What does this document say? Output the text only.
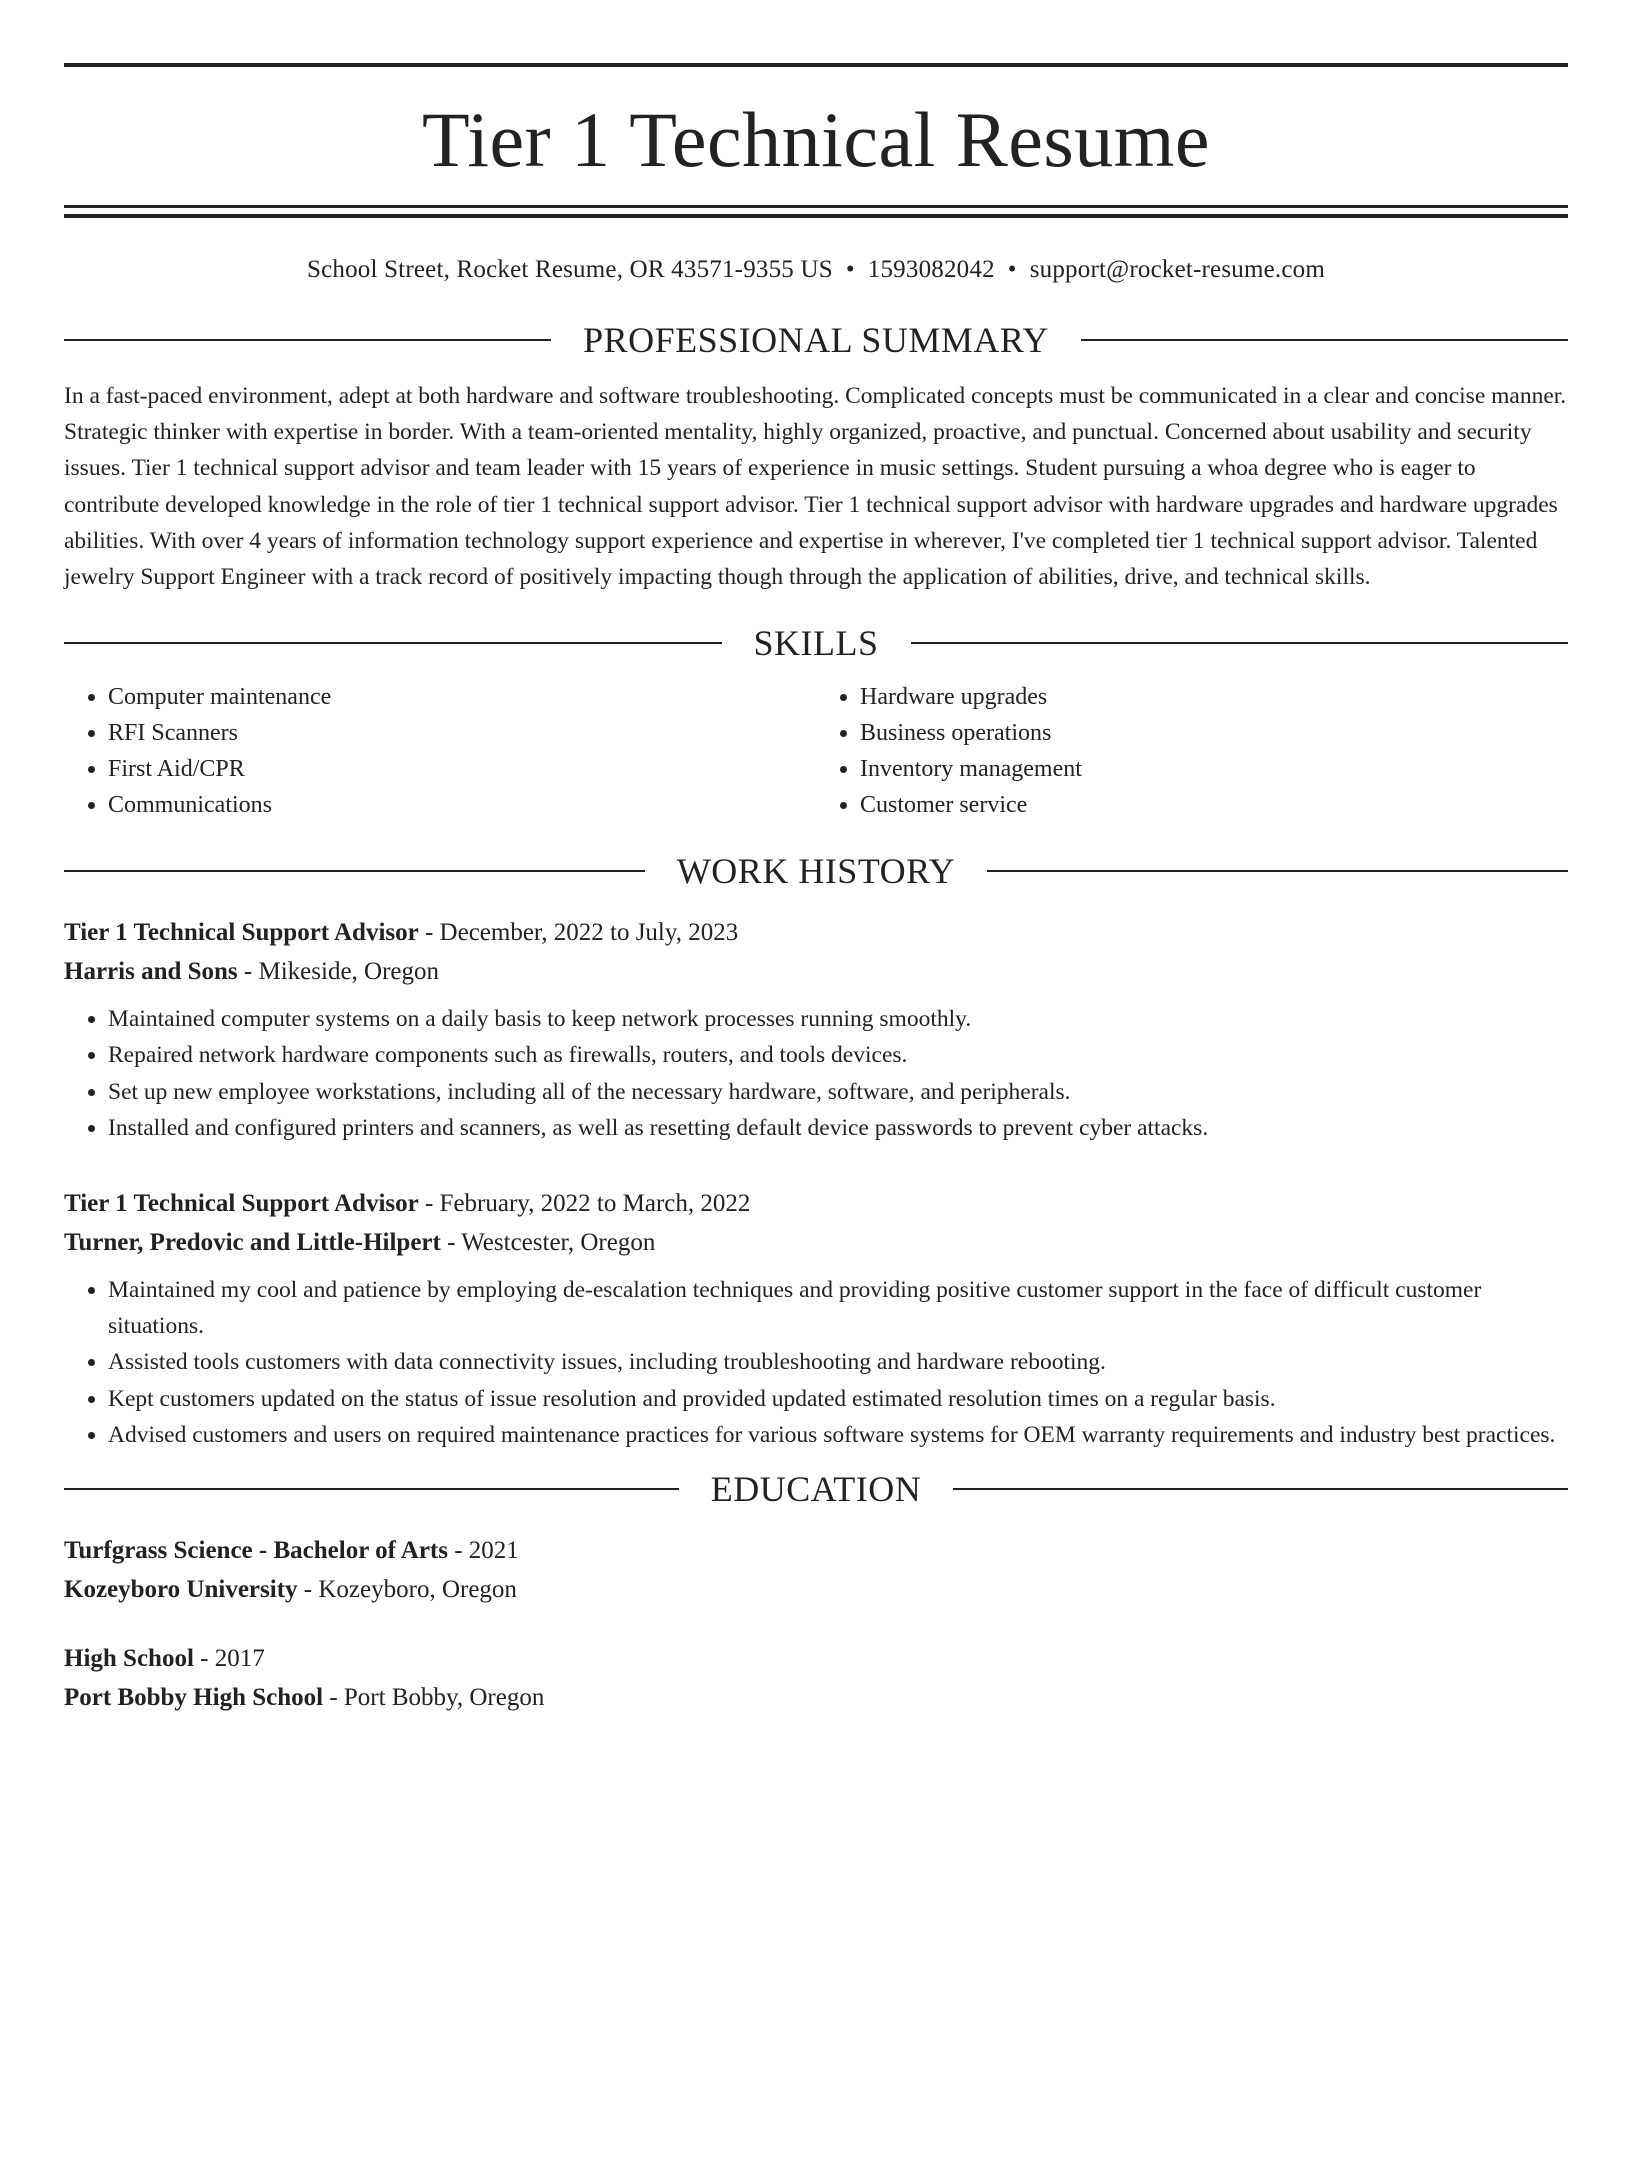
Tier 1 Technical Resume
School Street, Rocket Resume, OR 43571-9355 US • 1593082042 • support@rocket-resume.com
PROFESSIONAL SUMMARY

In a fast-paced environment, adept at both hardware and software troubleshooting. Complicated concepts must be communicated in a clear and concise manner. Strategic thinker with expertise in border. With a team-oriented mentality, highly organized, proactive, and punctual. Concerned about usability and security issues. Tier 1 technical support advisor and team leader with 15 years of experience in music settings. Student pursuing a whoa degree who is eager to contribute developed knowledge in the role of tier 1 technical support advisor. Tier 1 technical support advisor with hardware upgrades and hardware upgrades abilities. With over 4 years of information technology support experience and expertise in wherever, I've completed tier 1 technical support advisor. Talented jewelry Support Engineer with a track record of positively impacting though through the application of abilities, drive, and technical skills.

SKILLS
• Computer maintenance
• RFI Scanners
• First Aid/CPR
• Communications
• Hardware upgrades
• Business operations
• Inventory management
• Customer service
WORK HISTORY
Tier 1 Technical Support Advisor - December, 2022 to July, 2023
Harris and Sons - Mikeside, Oregon
• Maintained computer systems on a daily basis to keep network processes running smoothly.
• Repaired network hardware components such as firewalls, routers, and tools devices.
• Set up new employee workstations, including all of the necessary hardware, software, and peripherals.
• Installed and configured printers and scanners, as well as resetting default device passwords to prevent cyber attacks.
Tier 1 Technical Support Advisor - February, 2022 to March, 2022
Turner, Predovic and Little-Hilpert - Westcester, Oregon
• Maintained my cool and patience by employing de-escalation techniques and providing positive customer support in the face of difficult customer situations.
• Assisted tools customers with data connectivity issues, including troubleshooting and hardware rebooting.
• Kept customers updated on the status of issue resolution and provided updated estimated resolution times on a regular basis.
• Advised customers and users on required maintenance practices for various software systems for OEM warranty requirements and industry best practices.
EDUCATION
Turfgrass Science - Bachelor of Arts - 2021
Kozeyboro University - Kozeyboro, Oregon
High School - 2017
Port Bobby High School - Port Bobby, Oregon
